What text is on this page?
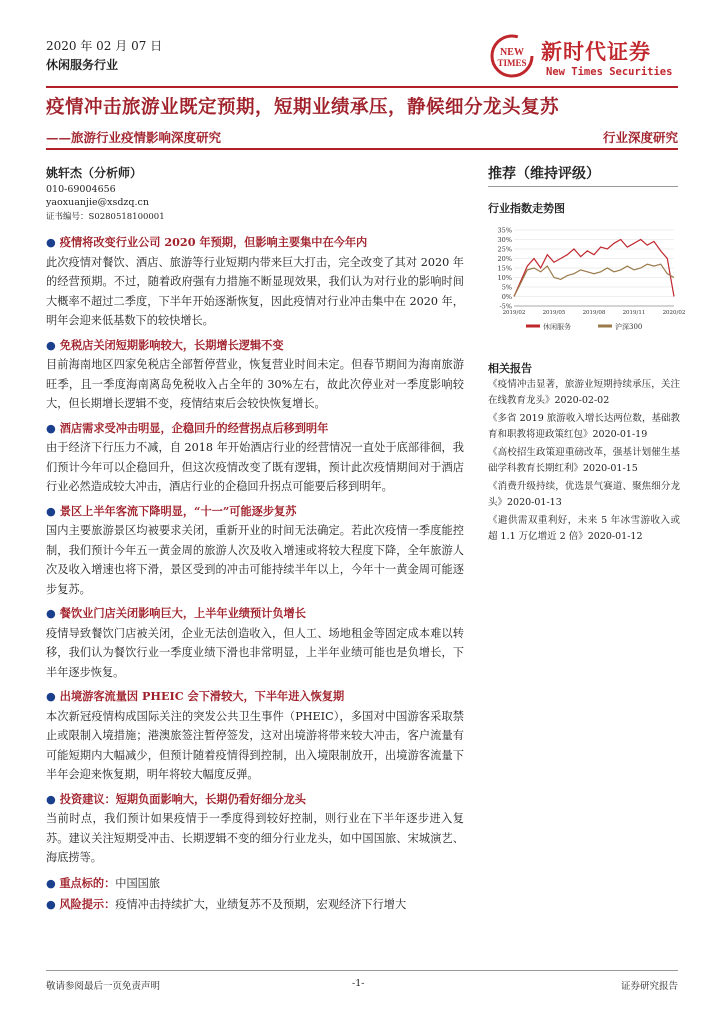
2020 年 02 月 07 日
休闲服务行业
NEW
TIMES 新时代证券
New Times Securities
疫情冲击旅游业既定预期，短期业绩承压，静候细分龙头复苏
——旅游行业疫情影响深度研究	行业深度研究
姚轩杰（分析师）
010-69004656
yaoxuanjie@xsdzq.cn
证书编号：S0280518100001
● 疫情将改变行业公司 2020 年预期，但影响主要集中在今年内
此次疫情对餐饮、酒店、旅游等行业短期内带来巨大打击，完全改变了其对 2020 年的经营预期。不过，随着政府强有力措施不断显现效果，我们认为对行业的影响时间大概率不超过二季度，下半年开始逐渐恢复，因此疫情对行业冲击集中在 2020 年，明年会迎来低基数下的较快增长。
● 免税店关闭短期影响较大，长期增长逻辑不变
目前海南地区四家免税店全部暂停营业，恢复营业时间未定。但春节期间为海南旅游旺季，且一季度海南离岛免税收入占全年的 30%左右，故此次停业对一季度影响较大，但长期增长逻辑不变，疫情结束后会较快恢复增长。
● 酒店需求受冲击明显，企稳回升的经营拐点后移到明年
由于经济下行压力不减，自 2018 年开始酒店行业的经营情况一直处于底部徘徊，我们预计今年可以企稳回升，但这次疫情改变了既有逻辑，预计此次疫情期间对于酒店行业必然造成较大冲击，酒店行业的企稳回升拐点可能要后移到明年。
● 景区上半年客流下降明显，“十一”可能逐步复苏
国内主要旅游景区均被要求关闭，重新开业的时间无法确定。若此次疫情一季度能控制，我们预计今年五一黄金周的旅游人次及收入增速或将较大程度下降，全年旅游人次及收入增速也将下滑，景区受到的冲击可能持续半年以上，今年十一黄金周可能逐步复苏。
● 餐饮业门店关闭影响巨大，上半年业绩预计负增长
疫情导致餐饮门店被关闭，企业无法创造收入，但人工、场地租金等固定成本难以转移，我们认为餐饮行业一季度业绩下滑也非常明显，上半年业绩可能也是负增长，下半年逐步恢复。
● 出境游客流量因 PHEIC 会下滑较大，下半年进入恢复期
本次新冠疫情构成国际关注的突发公共卫生事件（PHEIC），多国对中国游客采取禁止或限制入境措施；港澳旅签注暂停签发，这对出境游将带来较大冲击，客户流量有可能短期内大幅减少，但预计随着疫情得到控制，出入境限制放开，出境游客流量下半年会迎来恢复期，明年将较大幅度反弹。
● 投资建议：短期负面影响大，长期仍看好细分龙头
当前时点，我们预计如果疫情于一季度得到较好控制，则行业在下半年逐步进入复苏。建议关注短期受冲击、长期逻辑不变的细分行业龙头，如中国国旅、宋城演艺、海底捞等。
● 重点标的：中国国旅
● 风险提示：疫情冲击持续扩大，业绩复苏不及预期，宏观经济下行增大
推荐（维持评级）
行业指数走势图
35%
30%
25%
20%
15%
10%
5%
0%
-5%
2019/02	2019/05	2019/08	2019/11	2020/02
休闲服务	沪深300
相关报告
《疫情冲击显著，旅游业短期持续承压，关注在线教育龙头》2020-02-02
《多省 2019 旅游收入增长达两位数，基础教育和职教将迎政策红包》2020-01-19
《高校招生政策迎重磅改革，强基计划催生基础学科教育长期红利》2020-01-15
《消费升级持续，优选景气赛道、聚焦细分龙头》2020-01-13
《避供需双重利好，未来 5 年冰雪游收入或超 1.1 万亿增近 2 倍》2020-01-12
敬请参阅最后一页免责声明	-1-	证券研究报告
